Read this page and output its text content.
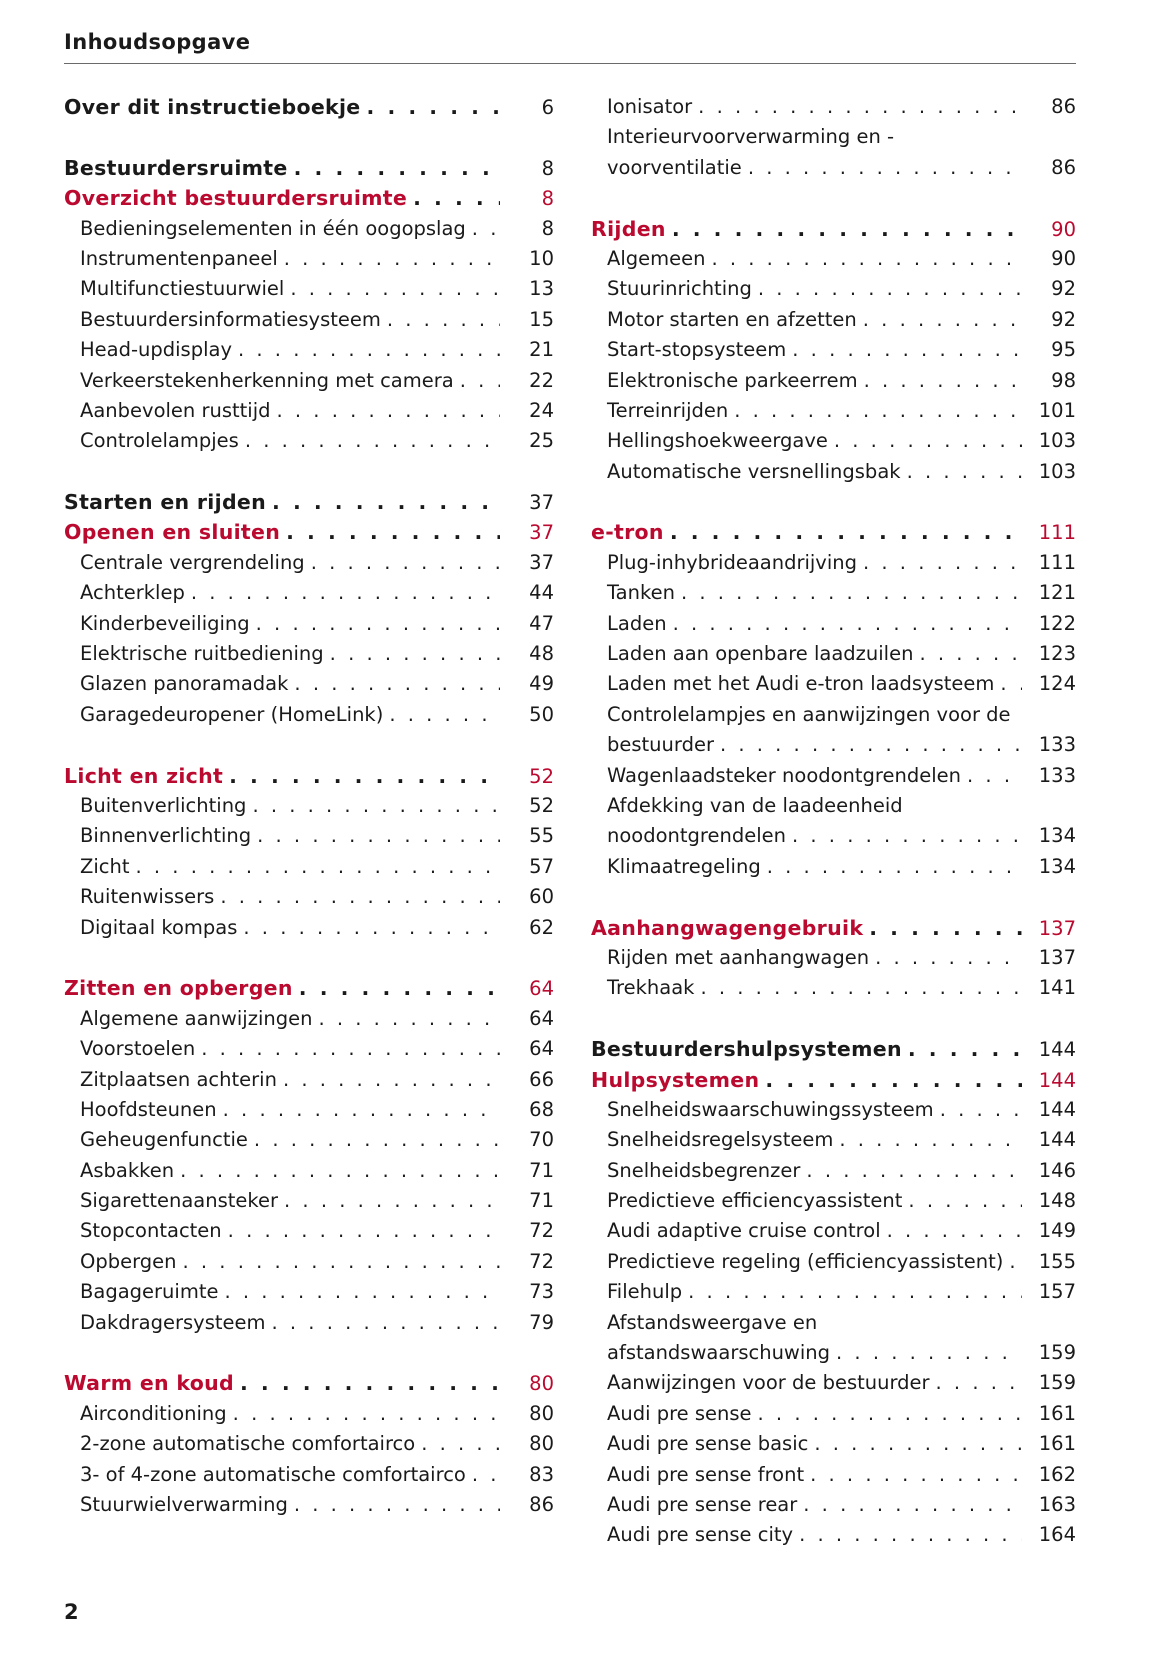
Inhoudsopgave
Over dit instructieboekje . . .	6
Bestuurdersruimte . . .	8
Overzicht bestuurdersruimte . . .	8
Bedieningselementen in één oogopslag . . .	8
Instrumentenpaneel . . .	10
Multifunctiestuurwiel . . .	13
Bestuurdersinformatiesysteem . . .	15
Head-updisplay . . .	21
Verkeerstekenherkenning met camera . . .	22
Aanbevolen rusttijd . . .	24
Controlelampjes . . .	25
Starten en rijden . . .	37
Openen en sluiten . . .	37
Centrale vergrendeling . . .	37
Achterklep . . .	44
Kinderbeveiliging . . .	47
Elektrische ruitbediening . . .	48
Glazen panoramadak . . .	49
Garagedeuropener (HomeLink) . . .	50
Licht en zicht . . .	52
Buitenverlichting . . .	52
Binnenverlichting . . .	55
Zicht . . .	57
Ruitenwissers . . .	60
Digitaal kompas . . .	62
Zitten en opbergen . . .	64
Algemene aanwijzingen . . .	64
Voorstoelen . . .	64
Zitplaatsen achterin . . .	66
Hoofdsteunen . . .	68
Geheugenfunctie . . .	70
Asbakken . . .	71
Sigarettenaansteker . . .	71
Stopcontacten . . .	72
Opbergen . . .	72
Bagageruimte . . .	73
Dakdragersysteem . . .	79
Warm en koud . . .	80
Airconditioning . . .	80
2-zone automatische comfortairco . . .	80
3- of 4-zone automatische comfortairco . . .	83
Stuurwielverwarming . . .	86
Ionisator . . .	86
Interieurvoorverwarming en -
voorventilatie . . .	86
Rijden . . .	90
Algemeen . . .	90
Stuurinrichting . . .	92
Motor starten en afzetten . . .	92
Start-stopsysteem . . .	95
Elektronische parkeerrem . . .	98
Terreinrijden . . .	101
Hellingshoekweergave . . .	103
Automatische versnellingsbak . . .	103
e-tron . . .	111
Plug-inhybrideaandrijving . . .	111
Tanken . . .	121
Laden . . .	122
Laden aan openbare laadzuilen . . .	123
Laden met het Audi e-tron laadsysteem . . .	124
Controlelampjes en aanwijzingen voor de
bestuurder . . .	133
Wagenlaadsteker noodontgrendelen . . .	133
Afdekking van de laadeenheid
noodontgrendelen . . .	134
Klimaatregeling . . .	134
Aanhangwagengebruik . . .	137
Rijden met aanhangwagen . . .	137
Trekhaak . . .	141
Bestuurdershulpsystemen . . .	144
Hulpsystemen . . .	144
Snelheidswaarschuwingssysteem . . .	144
Snelheidsregelsysteem . . .	144
Snelheidsbegrenzer . . .	146
Predictieve efficiencyassistent . . .	148
Audi adaptive cruise control . . .	149
Predictieve regeling (efficiencyassistent) . . .	155
Filehulp . . .	157
Afstandsweergave en
afstandswaarschuwing . . .	159
Aanwijzingen voor de bestuurder . . .	159
Audi pre sense . . .	161
Audi pre sense basic . . .	161
Audi pre sense front . . .	162
Audi pre sense rear . . .	163
Audi pre sense city . . .	164
2
